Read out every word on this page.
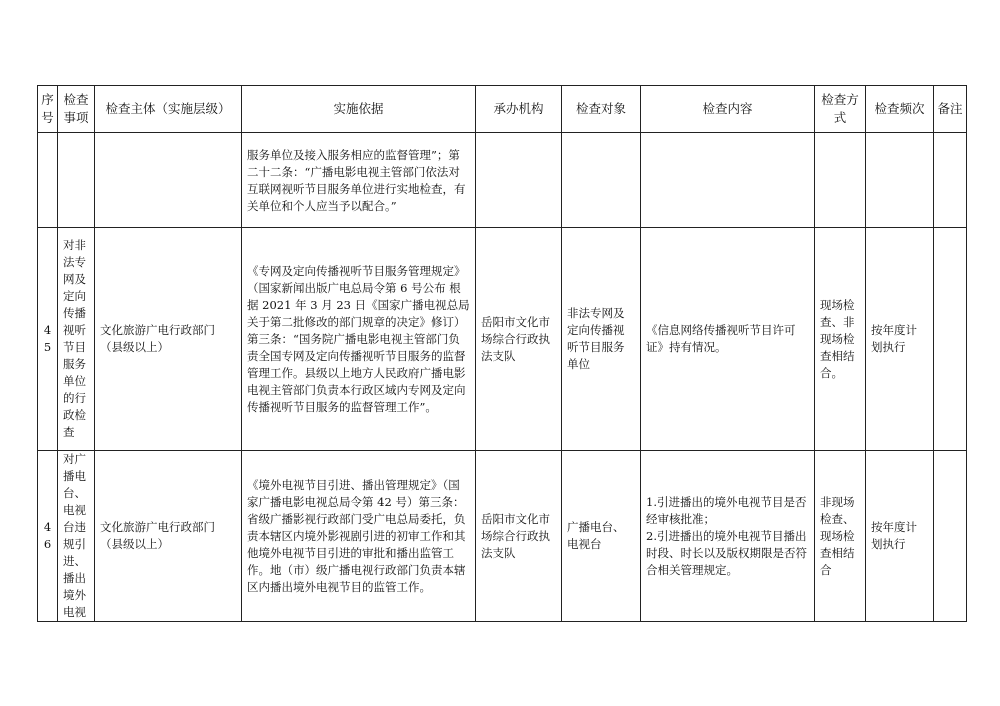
序号	检查事项	检查主体（实施层级）	实施依据	承办机构	检查对象	检查内容	检查方式	检查频次	备注
			服务单位及接入服务相应的监督管理”；第二十二条：“广播电影电视主管部门依法对互联网视听节目服务单位进行实地检查，有关单位和个人应当予以配合。”						
45	对非法专网及定向传播视听节目服务单位的行政检查	文化旅游广电行政部门（县级以上）	《专网及定向传播视听节目服务管理规定》（国家新闻出版广电总局令第 6 号公布 根据 2021 年 3 月 23 日《国家广播电视总局关于第二批修改的部门规章的决定》修订）第三条：“国务院广播电影电视主管部门负责全国专网及定向传播视听节目服务的监督管理工作。县级以上地方人民政府广播电影电视主管部门负责本行政区域内专网及定向传播视听节目服务的监督管理工作”。	岳阳市文化市场综合行政执法支队	非法专网及定向传播视听节目服务单位	《信息网络传播视听节目许可证》持有情况。	现场检查、非现场检查相结合。	按年度计划执行	
46	对广播电台、电视台违规引进、播出境外电视	文化旅游广电行政部门（县级以上）	《境外电视节目引进、播出管理规定》（国家广播电影电视总局令第 42 号）第三条：省级广播影视行政部门受广电总局委托，负责本辖区内境外影视剧引进的初审工作和其他境外电视节目引进的审批和播出监管工作。地（市）级广播电视行政部门负责本辖区内播出境外电视节目的监管工作。	岳阳市文化市场综合行政执法支队	广播电台、电视台	1.引进播出的境外电视节目是否经审核批准；
2.引进播出的境外电视节目播出时段、时长以及版权期限是否符合相关管理规定。	非现场检查、现场检查相结合	按年度计划执行	
